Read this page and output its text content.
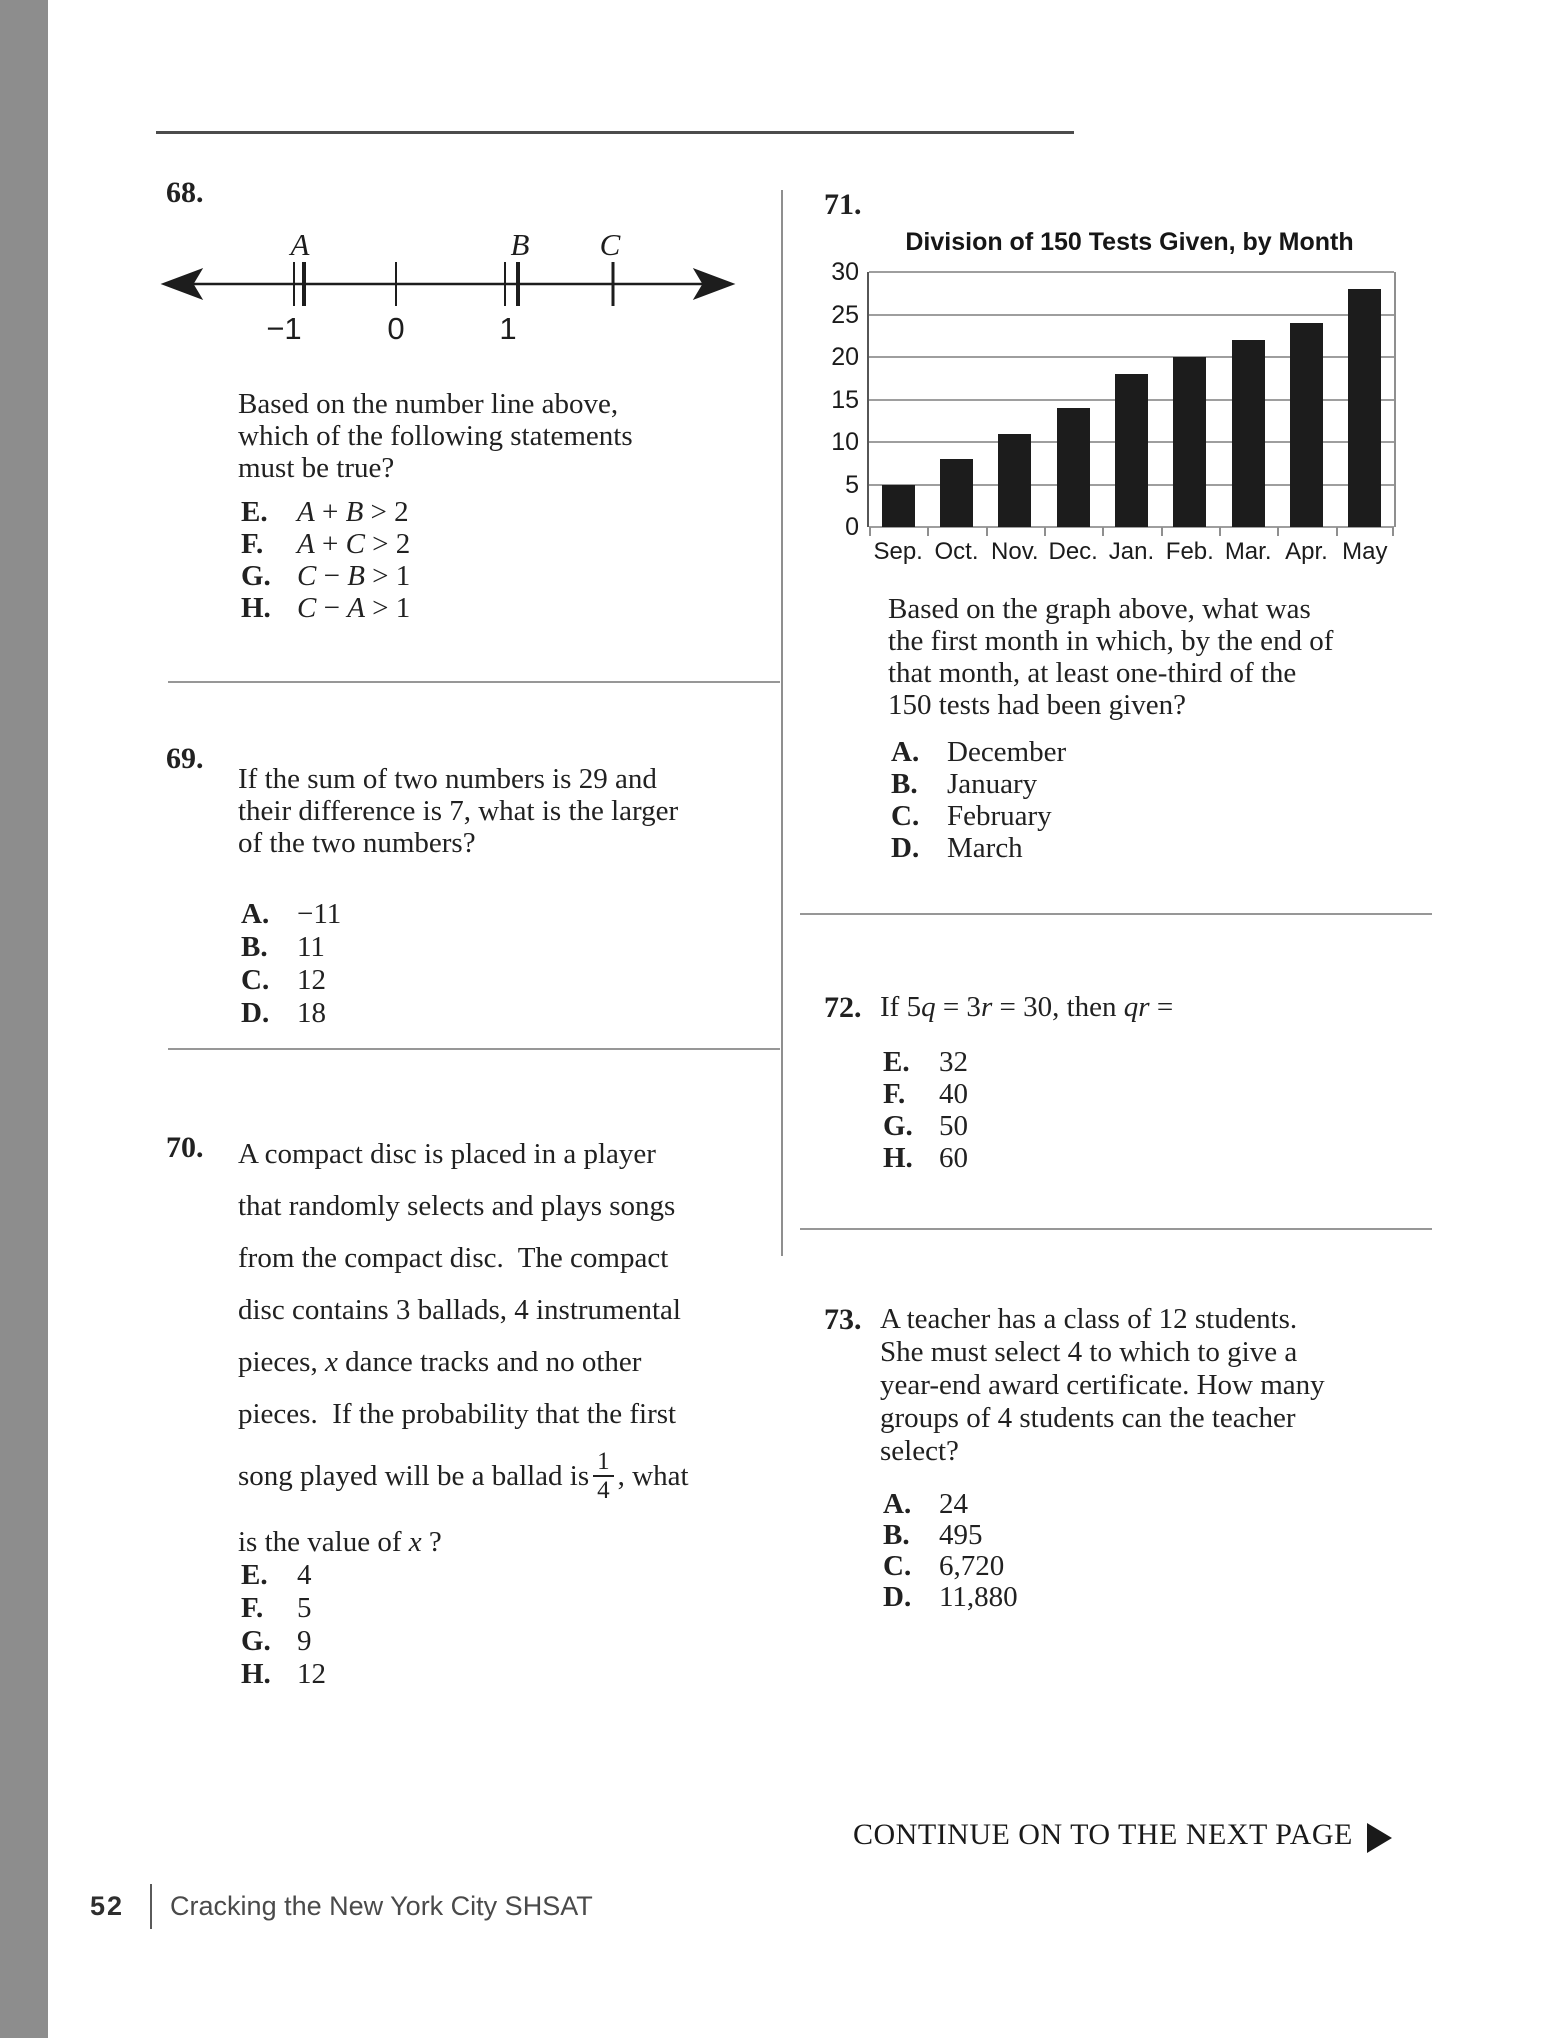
68.
A	B C
−1	0	1
Based on the number line above,
which of the following statements
must be true?
E.	A + B > 2
F.	A + C > 2
G. C − B > 1
H. C − A > 1
69.
If the sum of two numbers is 29 and
their difference is 7, what is the larger
of the two numbers?
A. −11
B.	11
C. 12
D. 18
70. A compact disc is placed in a player
that randomly selects and plays songs
from the compact disc.  The compact
disc contains 3 ballads, 4 instrumental
pieces, x dance tracks and no other
pieces.  If the probability that the first
song played will be a ballad is $\frac{1}{4}$ , what
is the value of x ?
E.	4
F.	5
G. 9
H. 12
71.
Division of 150 Tests Given, by Month
0
5
10
15
20
25
30
Sep. Oct. Nov. Dec. Jan. Feb. Mar. Apr. May
Based on the graph above, what was
the first month in which, by the end of
that month, at least one-third of the
150 tests had been given?
A. December
B.	January
C. February
D. March
72. If 5q = 3r = 30, then qr =
E.	32
F.	40
G. 50
H. 60
73. A teacher has a class of 12 students.
She must select 4 to which to give a
year-end award certificate. How many
groups of 4 students can the teacher
select?
A. 24
B.	495
C. 6,720
D. 11,880
CONTINUE ON TO THE NEXT PAGE
52 Cracking the New York City SHSAT
